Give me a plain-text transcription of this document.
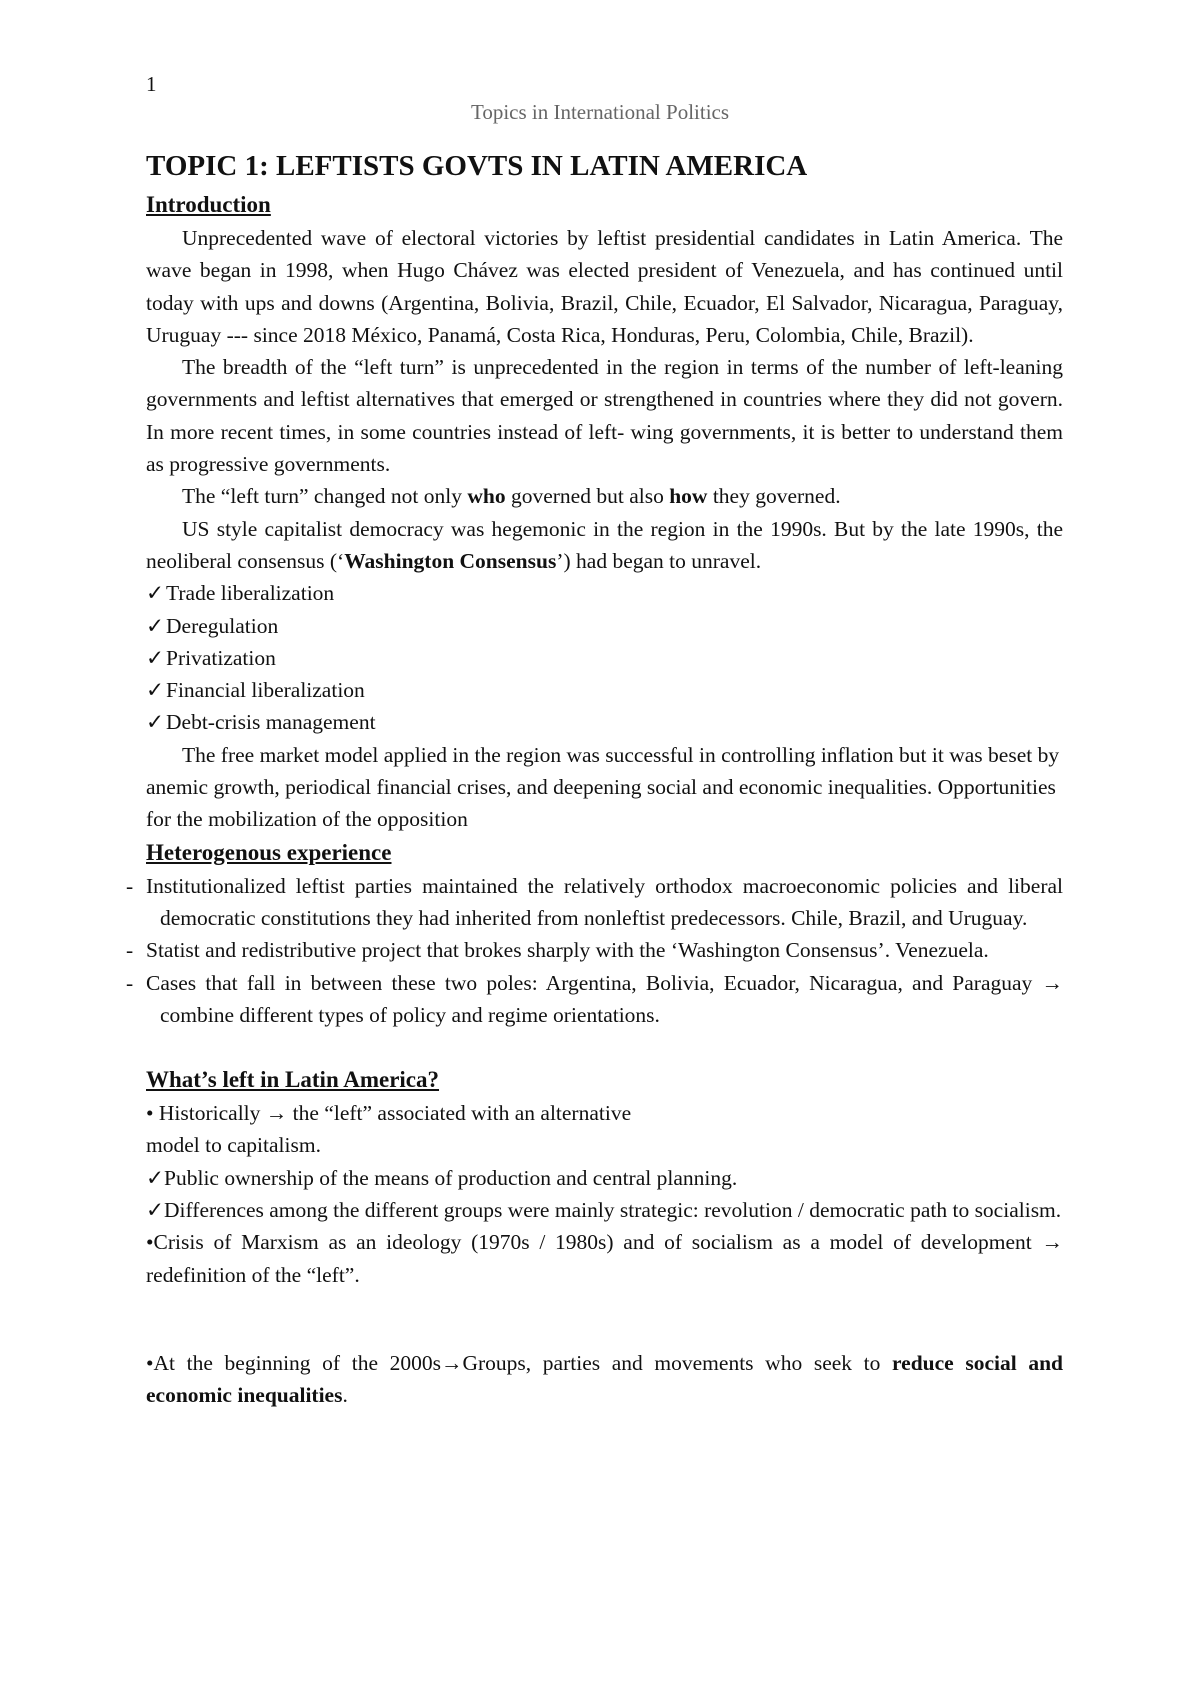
1
Topics in International Politics
TOPIC 1: LEFTISTS GOVTS IN LATIN AMERICA
Introduction

Unprecedented wave of electoral victories by leftist presidential candidates in Latin America. The wave began in 1998, when Hugo Chávez was elected president of Venezuela, and has continued until today with ups and downs (Argentina, Bolivia, Brazil, Chile, Ecuador, El Salvador, Nicaragua, Paraguay, Uruguay --- since 2018 México, Panamá, Costa Rica, Honduras, Peru, Colombia, Chile, Brazil).

The breadth of the “left turn” is unprecedented in the region in terms of the number of left-leaning governments and leftist alternatives that emerged or strengthened in countries where they did not govern. In more recent times, in some countries instead of left- wing governments, it is better to understand them as progressive governments.

The “left turn” changed not only who governed but also how they governed.

US style capitalist democracy was hegemonic in the region in the 1990s. But by the late 1990s, the neoliberal consensus (‘Washington Consensus’) had began to unravel.

✓Trade liberalization
✓Deregulation
✓Privatization
✓Financial liberalization
✓Debt-crisis management

The free market model applied in the region was successful in controlling inflation but it was beset by anemic growth, periodical financial crises, and deepening social and economic inequalities. Opportunities for the mobilization of the opposition

Heterogenous experience
- Institutionalized leftist parties maintained the relatively orthodox macroeconomic policies and liberal democratic constitutions they had inherited from nonleftist predecessors. Chile, Brazil, and Uruguay.
- Statist and redistributive project that brokes sharply with the ‘Washington Consensus’. Venezuela.
- Cases that fall in between these two poles: Argentina, Bolivia, Ecuador, Nicaragua, and Paraguay → combine different types of policy and regime orientations.
What’s left in Latin America?

• Historically → the “left” associated with an alternative

model to capitalism.

✓Public ownership of the means of production and central planning.

✓Differences among the different groups were mainly strategic: revolution / democratic path to socialism.

•Crisis of Marxism as an ideology (1970s / 1980s) and of socialism as a model of development → redefinition of the “left”.

•At the beginning of the 2000s→Groups, parties and movements who seek to reduce social and economic inequalities.
